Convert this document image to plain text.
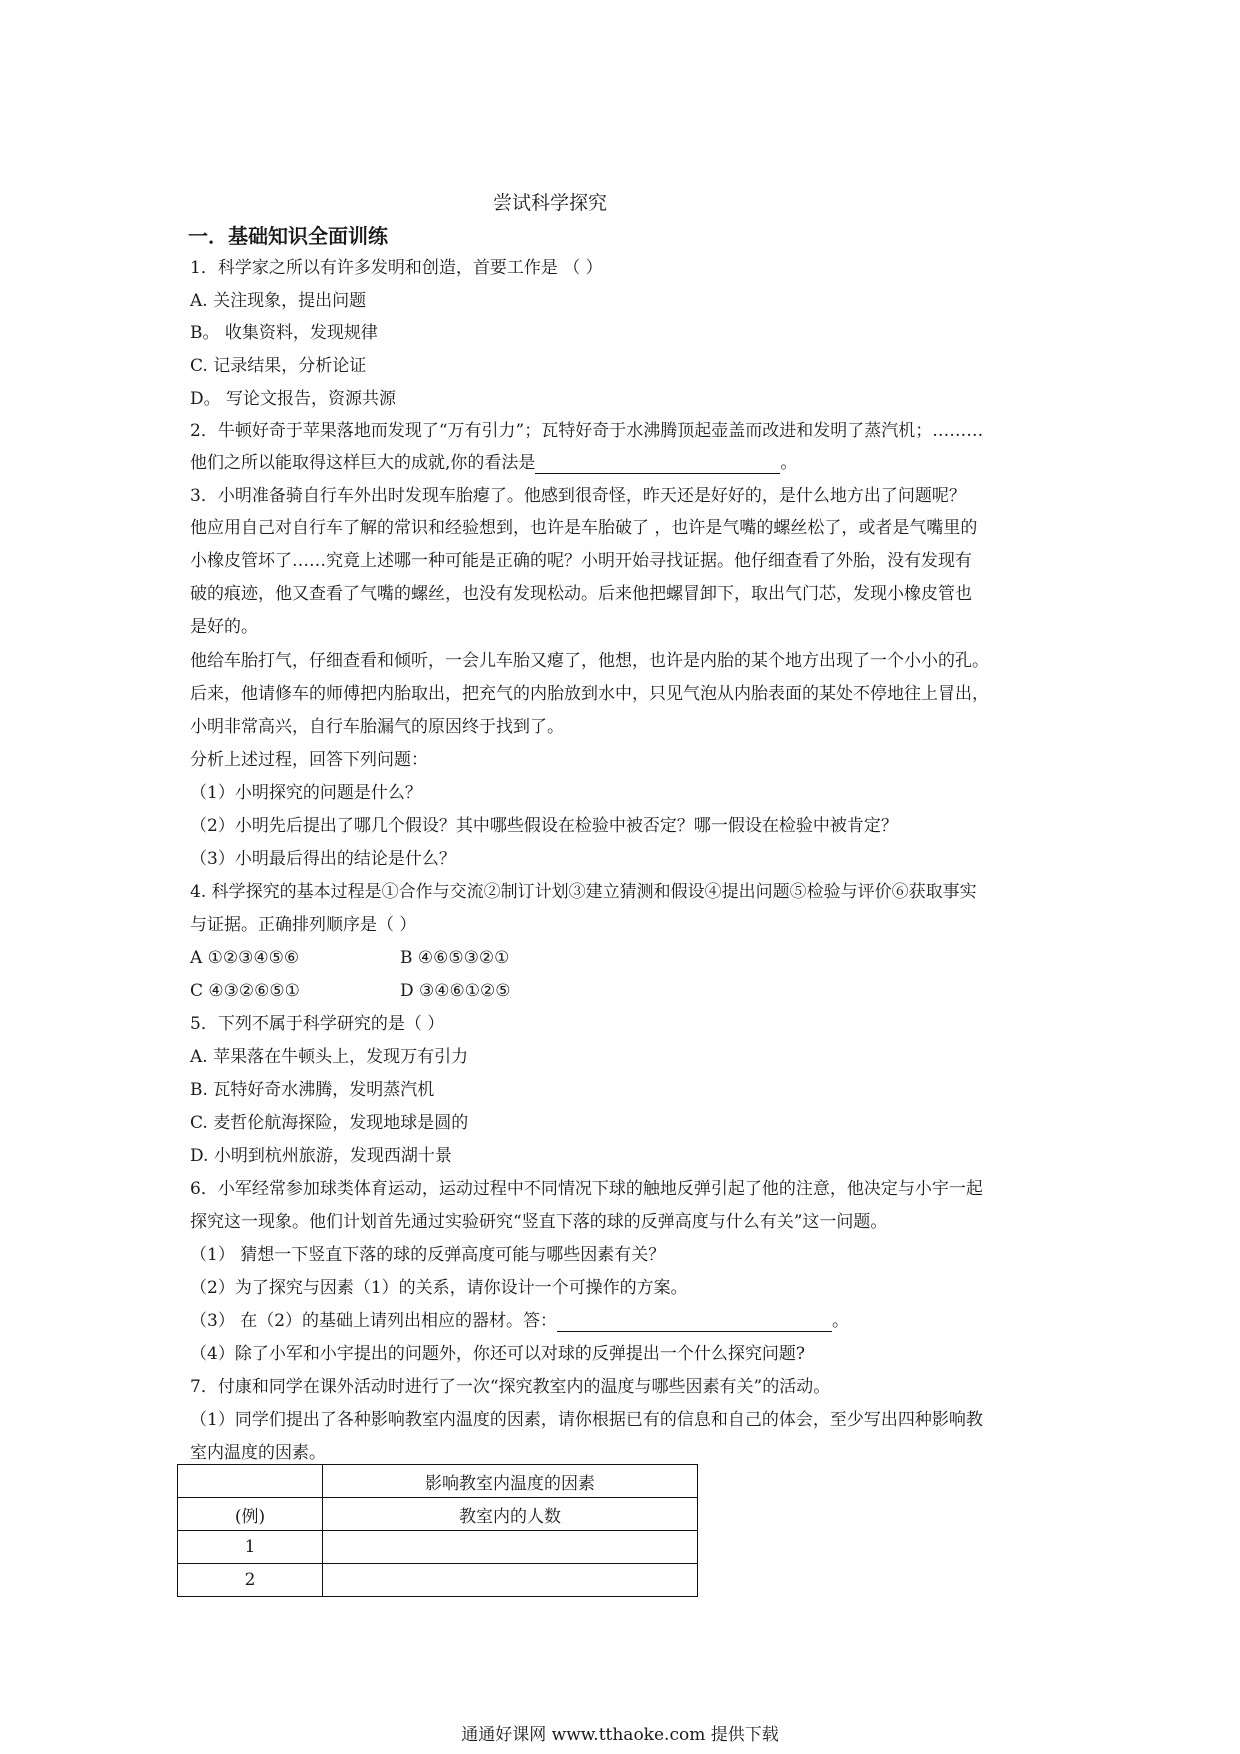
尝试科学探究
一．基础知识全面训练
1．科学家之所以有许多发明和创造，首要工作是 （ ）
A. 关注现象，提出问题
B。 收集资料，发现规律
C. 记录结果，分析论证
D。 写论文报告，资源共源
2．牛顿好奇于苹果落地而发现了“万有引力”；瓦特好奇于水沸腾顶起壶盖而改进和发明了蒸汽机；………
他们之所以能取得这样巨大的成就,你的看法是	。
3．小明准备骑自行车外出时发现车胎瘪了。他感到很奇怪，昨天还是好好的，是什么地方出了问题呢？
他应用自己对自行车了解的常识和经验想到，也许是车胎破了 ，也许是气嘴的螺丝松了，或者是气嘴里的
小橡皮管坏了……究竟上述哪一种可能是正确的呢？小明开始寻找证据。他仔细查看了外胎，没有发现有
破的痕迹，他又查看了气嘴的螺丝，也没有发现松动。后来他把螺冒卸下，取出气门芯，发现小橡皮管也
是好的。
他给车胎打气，仔细查看和倾听，一会儿车胎又瘪了，他想，也许是内胎的某个地方出现了一个小小的孔。
后来，他请修车的师傅把内胎取出，把充气的内胎放到水中，只见气泡从内胎表面的某处不停地往上冒出，
小明非常高兴，自行车胎漏气的原因终于找到了。
分析上述过程，回答下列问题：
（1）小明探究的问题是什么？
（2）小明先后提出了哪几个假设？其中哪些假设在检验中被否定？哪一假设在检验中被肯定？
（3）小明最后得出的结论是什么？
4. 科学探究的基本过程是①合作与交流②制订计划③建立猜测和假设④提出问题⑤检验与评价⑥获取事实
与证据。正确排列顺序是（ ）
A ①②③④⑤⑥	B ④⑥⑤③②①
C ④③②⑥⑤①	D ③④⑥①②⑤
5．下列不属于科学研究的是（ ）
A. 苹果落在牛顿头上，发现万有引力
B. 瓦特好奇水沸腾，发明蒸汽机
C. 麦哲伦航海探险，发现地球是圆的
D. 小明到杭州旅游，发现西湖十景
6．小军经常参加球类体育运动，运动过程中不同情况下球的触地反弹引起了他的注意，他决定与小宇一起
探究这一现象。他们计划首先通过实验研究“竖直下落的球的反弹高度与什么有关”这一问题。
（1） 猜想一下竖直下落的球的反弹高度可能与哪些因素有关？
（2）为了探究与因素（1）的关系，请你设计一个可操作的方案。
（3） 在（2）的基础上请列出相应的器材。答：	。
（4）除了小军和小宇提出的问题外，你还可以对球的反弹提出一个什么探究问题?
7．付康和同学在课外活动时进行了一次“探究教室内的温度与哪些因素有关”的活动。
（1）同学们提出了各种影响教室内温度的因素，请你根据已有的信息和自己的体会，至少写出四种影响教
室内温度的因素。
	影响教室内温度的因素
(例)	教室内的人数
1	
2	
通通好课网 www.tthaoke.com 提供下载
